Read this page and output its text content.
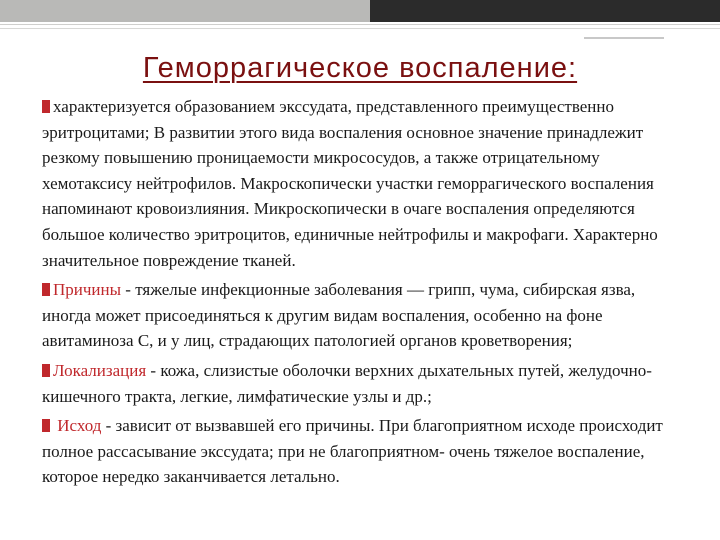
Геморрагическое воспаление:

характеризуется образованием экссудата, представленного преимущественно эритроцитами; В развитии этого вида воспаления основное значение принадлежит резкому повышению проницаемости микрососудов, а также отрицательному хемотаксису нейтрофилов. Макроскопически участки геморрагического воспаления напоминают кровоизлияния. Микроскопически в очаге воспаления определяются большое количество эритроцитов, единичные нейтрофилы и макрофаги. Характерно значительное повреждение тканей.

Причины - тяжелые инфекционные заболевания — грипп, чума, сибирская язва, иногда может присоединяться к другим видам воспаления, особенно на фоне авитаминоза С, и у лиц, страдающих патологией органов кроветворения;

Локализация - кожа, слизистые оболочки верхних дыхательных путей, желудочно-кишечного тракта, легкие, лимфатические узлы и др.;

Исход - зависит от вызвавшей его причины. При благоприятном исходе происходит полное рассасывание экссудата; при не благоприятном- очень тяжелое воспаление, которое нередко заканчивается летально.
